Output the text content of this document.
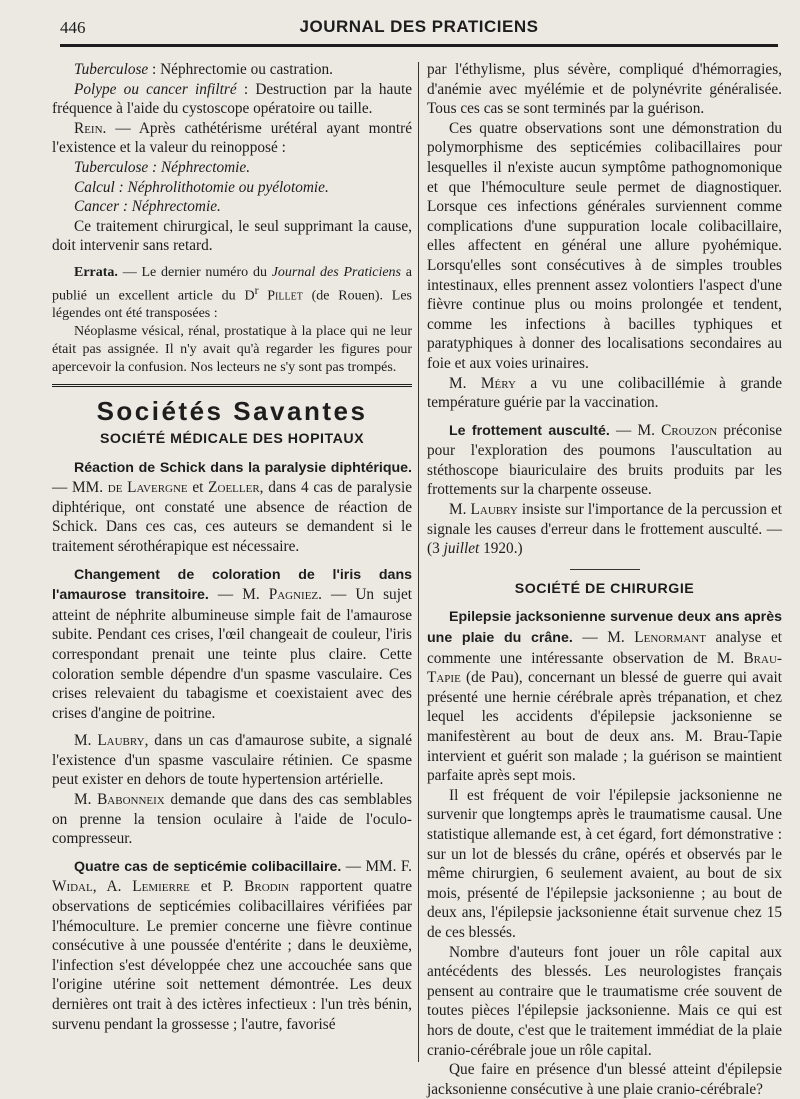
446	JOURNAL DES PRATICIENS

Tuberculose : Néphrectomie ou castration.

Polype ou cancer infiltré : Destruction par la haute fréquence à l'aide du cystoscope opératoire ou taille.

Rein. — Après cathétérisme urétéral ayant montré l'existence et la valeur du reinopposé :

Tuberculose : Néphrectomie.

Calcul : Néphrolithotomie ou pyélotomie.

Cancer : Néphrectomie.

Ce traitement chirurgical, le seul supprimant la cause, doit intervenir sans retard.

Errata. — Le dernier numéro du Journal des Praticiens a publié un excellent article du $D^r$ Pillet (de Rouen). Les légendes ont été transposées :

Néoplasme vésical, rénal, prostatique à la place qui ne leur était pas assignée. Il n'y avait qu'à regarder les figures pour apercevoir la confusion. Nos lecteurs ne s'y sont pas trompés.

Sociétés Savantes
SOCIÉTÉ MÉDICALE DES HOPITAUX

Réaction de Schick dans la paralysie diphtérique. — MM. de Lavergne et Zoeller, dans 4 cas de paralysie diphtérique, ont constaté une absence de réaction de Schick. Dans ces cas, ces auteurs se demandent si le traitement sérothérapique est nécessaire.

Changement de coloration de l'iris dans l'amaurose transitoire. — M. Pagniez. — Un sujet atteint de néphrite albumineuse simple fait de l'amaurose subite. Pendant ces crises, l'œil changeait de couleur, l'iris correspondant prenait une teinte plus claire. Cette coloration semble dépendre d'un spasme vasculaire. Ces crises relevaient du tabagisme et coexistaient avec des crises d'angine de poitrine.

M. Laubry, dans un cas d'amaurose subite, a signalé l'existence d'un spasme vasculaire rétinien. Ce spasme peut exister en dehors de toute hypertension artérielle.

M. Babonneix demande que dans des cas semblables on prenne la tension oculaire à l'aide de l'oculo-compresseur.

Quatre cas de septicémie colibacillaire. — MM. F. Widal, A. Lemierre et P. Brodin rapportent quatre observations de septicémies colibacillaires vérifiées par l'hémoculture. Le premier concerne une fièvre continue consécutive à une poussée d'entérite ; dans le deuxième, l'infection s'est développée chez une accouchée sans que l'origine utérine soit nettement démontrée. Les deux dernières ont trait à des ictères infectieux : l'un très bénin, survenu pendant la grossesse ; l'autre, favorisé

par l'éthylisme, plus sévère, compliqué d'hémorragies, d'anémie avec myélémie et de polynévrite généralisée. Tous ces cas se sont terminés par la guérison.

Ces quatre observations sont une démonstration du polymorphisme des septicémies colibacillaires pour lesquelles il n'existe aucun symptôme pathognomonique et que l'hémoculture seule permet de diagnostiquer. Lorsque ces infections générales surviennent comme complications d'une suppuration locale colibacillaire, elles affectent en général une allure pyohémique. Lorsqu'elles sont consécutives à de simples troubles intestinaux, elles prennent assez volontiers l'aspect d'une fièvre continue plus ou moins prolongée et tendent, comme les infections à bacilles typhiques et paratyphiques à donner des localisations secondaires au foie et aux voies urinaires.

M. Méry a vu une colibacillémie à grande température guérie par la vaccination.

Le frottement ausculté. — M. Crouzon préconise pour l'exploration des poumons l'auscultation au stéthoscope biauriculaire des bruits produits par les frottements sur la charpente osseuse.

M. Laubry insiste sur l'importance de la percussion et signale les causes d'erreur dans le frottement ausculté. — (3 juillet 1920.)

SOCIÉTÉ DE CHIRURGIE

Epilepsie jacksonienne survenue deux ans après une plaie du crâne. — M. Lenormant analyse et commente une intéressante observation de M. Brau-Tapie (de Pau), concernant un blessé de guerre qui avait présenté une hernie cérébrale après trépanation, et chez lequel les accidents d'épilepsie jacksonienne se manifestèrent au bout de deux ans. M. Brau-Tapie intervient et guérit son malade ; la guérison se maintient parfaite après sept mois.

Il est fréquent de voir l'épilepsie jacksonienne ne survenir que longtemps après le traumatisme causal. Une statistique allemande est, à cet égard, fort démonstrative : sur un lot de blessés du crâne, opérés et observés par le même chirurgien, 6 seulement avaient, au bout de six mois, présenté de l'épilepsie jacksonienne ; au bout de deux ans, l'épilepsie jacksonienne était survenue chez 15 de ces blessés.

Nombre d'auteurs font jouer un rôle capital aux antécédents des blessés. Les neurologistes français pensent au contraire que le traumatisme crée souvent de toutes pièces l'épilepsie jacksonienne. Mais ce qui est hors de doute, c'est que le traitement immédiat de la plaie cranio-cérébrale joue un rôle capital.

Que faire en présence d'un blessé atteint d'épilepsie jacksonienne consécutive à une plaie cranio-cérébrale?
